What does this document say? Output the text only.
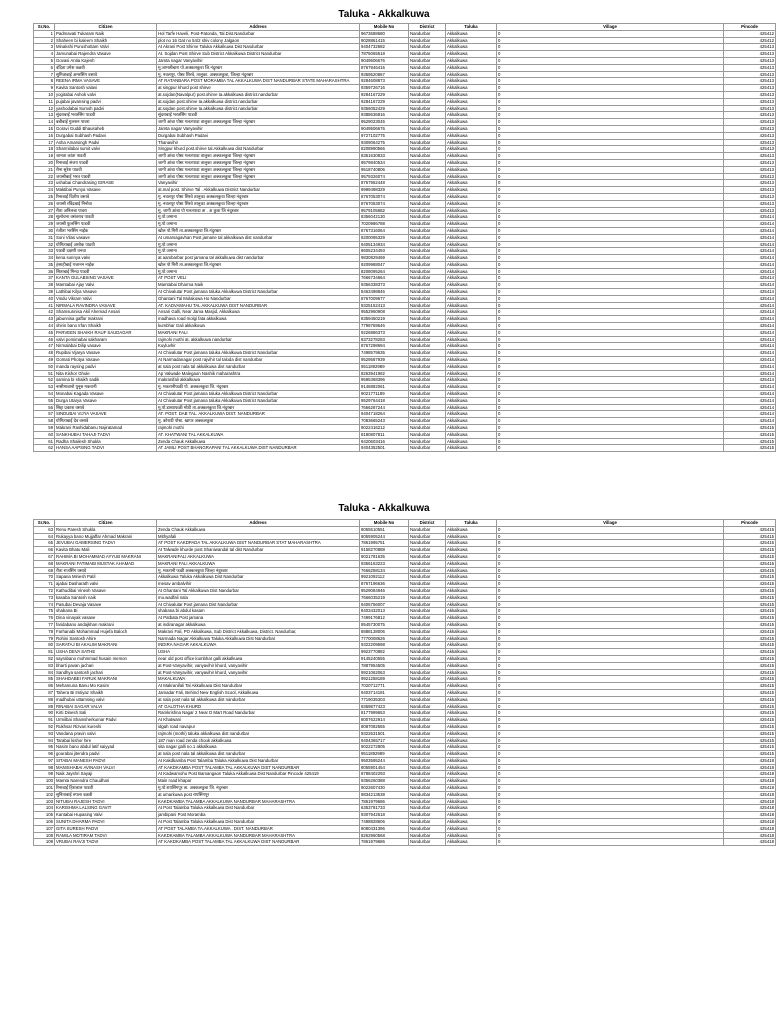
Taluka - Akkalkuwa
Sr.No.	Citizen	Address	Mobile No	District	Taluka	Village	Pincode
1	Padmavati Tukaram Naik	Hol Tarfe Haveli, Post-Patonda, Tal.Dist.Nandurbar	9673688680	Nandurbar	Akkalkuwa	0	425412
2	Shaheen bi kaleem Shaikh	plot no 16 Gat no 54/2 shiv colony Jalgaon	9028861415	Nandurbar	Akkalkuwa	0	425412
3	Minakshi Purushottam Valvi	At Akrani Post Shirve Taluka Akkalkuwa Dist Nandurbar	9404732682	Nandurbar	Akkalkuwa	0	425413
4	Jamunabai Rajendra Vasave	At. Sojdan Post Shirve Sub District Akkalkuwa District Nandurbar	7875065518	Nandurbar	Akkalkuwa	0	425413
5	Govasi Antia Kajesh	Jamta nagar Vanyavihir	9049506676	Nandurbar	Akkalkuwa	0	425413
6	वंदिता उमेश वळवी	मु.जामलीबारा पो.अक्कलकुवा जि.नंदुरबार	8767946415	Nandurbar	Akkalkuwa	0	425413
7	सुमित्राबाई अमरसिंग वसावे	मु. नवलपूर, पोस्ट शिरवे, तालुका. अक्कलकुवा, जिल्हा नंदुरबार	9359520867	Nandurbar	Akkalkuwa	0	425413
8	REENA IRMA VASAVE	AT RATANBARA POST MORAMBA TAL AKKALKUWA DIST NANDURBAR STATE MAHARASHTRA	9284608873	Nandurbar	Akkalkuwa	0	425413
9	Kavita Santosh valavi	at singpur khurd post shirve	9359726716	Nandurbar	Akkalkuwa	0	425413
10	yogitabai Ashok valvi	at.sojdan(Navalpur) post.shirve ta.akkalkuwa district.nandurbar	9284167229	Nandurbar	Akkalkuwa	0	425413
11	pujabai javansing padvi	at.sojdan post.shirve ta.akkalkuwa district.nandurbar	9284167229	Nandurbar	Akkalkuwa	0	425413
12	yashodabai Sumsh padvi	at.sojdan post.shirve ta.akkalkuwa district.nandurbar	9356052429	Nandurbar	Akkalkuwa	0	425413
13	सुंदराबाई भरतसिंग पाडवी	सुंदराबाई भरतसिंग पाडवी	9388636916	Nandurbar	Akkalkuwa	0	425413
14	बबीबाई गुलशन पावरा	जागी आंबा पोस्ट गलतपाडा तालुका अक्कलकुवा जिल्हा नंदुरबार	9529023045	Nandurbar	Akkalkuwa	0	425413
15	Goravi Guddi Bhausaheb	Jamta nagar Vanyavihir	9049506676	Nandurbar	Akkalkuwa	0	425413
16	Durgabai Subhash Padavi	Durgabai Subhash Padavi	9727102775	Nandurbar	Akkalkuwa	0	425413
17	Asha Amarsingh Padvi	Thanavihir	9309064275	Nandurbar	Akkalkuwa	0	425413
18	Sharmilabai sumit valvi	Singpur khurd post.shirve tal.Akkalkuwa dist Nandurbar	8208990566	Nandurbar	Akkalkuwa	0	425413
19	जानता कांता पाडवी	जागी आंबा पोस्ट गलतपाडा तालुका अक्कलकुवा जिल्हा नंदुरबार	8351630833	Nandurbar	Akkalkuwa	0	425413
20	रिनाबाई संजय पाडवी	जागी आंबा पोस्ट गलतपाडा तालुका अक्कलकुवा जिल्हा नंदुरबार	9579840534	Nandurbar	Akkalkuwa	0	425413
21	रीना सुरेश पाडवी	जागी आंबा पोस्ट गलतपाडा तालुका अक्कलकुवा जिल्हा नंदुरबार	9518740806	Nandurbar	Akkalkuwa	0	425413
22	जयश्रीबाई भरत पाडवी	जागी आंबा पोस्ट गलतपाडा तालुका अक्कलकुवा जिल्हा नंदुरबार	9579326074	Nandurbar	Akkalkuwa	0	425413
23	ushabai Chandrasing GIRASE	Vanyavihir	8767952448	Nandurbar	Akkalkuwa	0	425413
24	Maktibai Punya Vasave	at.mal post. Shirve Tal . Akkalkuwa District Nandurbar	8999498329	Nandurbar	Akkalkuwa	0	425413
25	रिनाबाई दिलीप वसावे	मु. नवलपूर पोस्ट शिरवे तालुका अक्कलकुवा जिल्हा नंदुरबार	8767053074	Nandurbar	Akkalkuwa	0	425413
26	जयश्री रविंद्रबाई निनोवा	मु. नवलपूर पोस्ट शिरवे तालुका अक्कलकुवा जिल्हा नंदुरबार	8767053074	Nandurbar	Akkalkuwa	0	425413
27	रीता अनिलबा पावरा	मु. जागी आंबा पो गलतपाडा ता . अ कुवा जि नंदुरबार	9579105682	Nandurbar	Akkalkuwa	0	425413
28	सुलोचना वसंतराव पाडवी	मु.पो.जमाना	8356042130	Nandurbar	Akkalkuwa	0	425414
29	जयश्री फुलसिंग पाडवी	मु.पो.जमाना	7020986788	Nandurbar	Akkalkuwa	0	425414
30	रंजीता भरसिंग नाईक	खोल पो.मिरी ता.अक्कलकुवा जि.नंदुरबार	8767316064	Nandurbar	Akkalkuwa	0	425414
31	Soni Vilas vasave	At umarsagavhan Post jamane tal akkalkuwa dist nandurbar	8200095329	Nandurbar	Akkalkuwa	0	425414
32	योगिताबाई अशोक पाडवी	मु.पो.जमाना	9405134934	Nandurbar	Akkalkuwa	0	425414
33	पाडवी दक्षणी वनचा	मु.पो.जमाना	8605234493	Nandurbar	Akkalkuwa	0	425414
34	kena sunnya valvi	at aambarbar post jamana tal akkalkuwa dist nandurbar	9830829469	Nandurbar	Akkalkuwa	0	425414
35	हंसाहीबाई गजानन नाईक	खोल पो मिरी ता.अक्कलकुवा जि.नंदुरबार	9209988047	Nandurbar	Akkalkuwa	0	425414
36	सिताबाई मिन्दा पाडवी	मु.पो.जमाना	8208095264	Nandurbar	Akkalkuwa	0	425414
37	KANTA GULABSING VASAVE	AT POST VELI	7666734664	Nandurbar	Akkalkuwa	0	425414
38	Mamtabai Ajay Valvi	Mamtabai Dharma Naik	9356338373	Nandurbar	Akkalkuwa	0	425414
39	Lathibai Kilya Vasave	At Chivalutar Post jamana taluka Akkalkuwa District Nandurbar	8463498846	Nandurbar	Akkalkuwa	0	425414
40	Vindu Vikram Valvi	Ghantani Tal Molakuwa Ho Nandurbar	8767009677	Nandurbar	Akkalkuwa	0	425414
41	NIRMALA RAVINDRA VASAVE	AT. KADVAMAHU TAL AKKALKUWA DIST NANDURBAR	9325152413	Nandurbar	Akkalkuwa	0	425414
42	Shamsunnisa Akil Ahemad Ansari	Ansari Galli, Near Jama Masjid, Akkalkuwa	9552960908	Nandurbar	Akkalkuwa	0	425414
43	jabunnisa gaffar makrani	madhava road molgi fata akkalkuwa	8359450219	Nandurbar	Akkalkuwa	0	425414
44	shirin bano Irfan Shaikh	kumbhar Gali akkalkuwa	7798769646	Nandurbar	Akkalkuwa	0	425414
45	PARVEEN SHAIKH RAUF SAUDAGAR	MAKRANI FALI	9226886373	Nandurbar	Akkalkuwa	0	425414
46	valvi pomimabai sakharam	rajmohi mothi at. akkalkuwa nandurbar	8373278283	Nandurbar	Akkalkuwa	0	425414
47	Nirmalabai Dilip vasave	Kuyluvhir	8767298694	Nandurbar	Akkalkuwa	0	425414
48	Rupibai Vijarya Vasave	At Chivalutar Post jamana taluka Akkalkuwa District Nandurbar	7498579635	Nandurbar	Akkalkuwa	0	425414
49	Gomati Photya Vasave	At Narmadanagar post rajvihir tal taloda dist nandurbar	9529587939	Nandurbar	Akkalkuwa	0	425414
50	manda raysing padvi	at nala post nala tal akkalkuwa dist nandurbar	9511892989	Nandurbar	Akkalkuwa	0	425414
51	Nita Kishor Ghule	Ap Valwade Malegaon Nashik maharashtra	8263941982	Nandurbar	Akkalkuwa	0	425414
52	samina bi shaikh sadik	makranifali akkalkuwa	9595368396	Nandurbar	Akkalkuwa	0	425414
53	नासीमाबानो युनूस मकरानी	मु. मकरानीफळी पो. अक्कलकुवा जि. नंदुरबार	9146882061	Nandurbar	Akkalkuwa	0	425414
54	Monabai Kagada Vasave	At Chivalutar Post jamana taluka Akkalkuwa District Nandurbar	9021771189	Nandurbar	Akkalkuwa	0	425414
55	Durga Utarya Vasave	At Chivalutar Post jamana taluka Akkalkuwa District Nandurbar	9529764418	Nandurbar	Akkalkuwa	0	425414
56	सिद्दा प्रकाश वसावे	मु.पो.डाब्याफळी मोठी ता.अक्कलकुवा जि.नंदुरबार	7666287244	Nandurbar	Akkalkuwa	0	425414
57	SINDUBAI VIJYA VASAVE	AT. POST. DAB TAL. AKKALKUWA DIST. NANDURBAR	9404718264	Nandurbar	Akkalkuwa	0	425414
58	योगिताबाई देव वसावे	मु. कोराडी पोस्ट. खापर अक्कलकुवा	7083665243	Nandurbar	Akkalkuwa	0	425414
59	Makrani Rashidabanu Najiratamad	rajmohi mothi	9022416212	Nandurbar	Akkalkuwa	0	425415
60	SANKHUBAI TAHAJI TADVI	AT. KHATWANI TAL AKKALKUWA	8180807811	Nandurbar	Akkalkuwa	0	425415
61	Radha Shailesh Shukla	Zenda Chauk Akkalkuwa	9420603416	Nandurbar	Akkalkuwa	0	425415
62	HANSA AAPSING TADVI	AT JAMLI POST BHANGRAPANI TAL AKKALKUWA DIST NANDURBAR	9404352501	Nandurbar	Akkalkuwa	0	425415
Taluka - Akkalkuwa
Sr.No.	Citizen	Address	Mobile No	District	Taluka	Village	Pincode
63	Renu Paresh Shukla	Zenda Chauk Akkalkuwa	8055510551	Nandurbar	Akkalkuwa	0	425415
64	Rukayya bano Mujjaffar Ahmad Makrani	Mithyafali	8055905244	Nandurbar	Akkalkuwa	0	425415
65	JEVUBAI GAMERSING TADVI	AT POST KAKDPADA TAL AKKALKUWA DIST NANDURBAR STAT MAHARASHTRA	7861995751	Nandurbar	Akkalkuwa	0	425415
66	Kavita Bhatu Mali	At Talwade khurde post Shaniwandal tal dist Nandurbar	9158270888	Nandurbar	Akkalkuwa	0	425415
67	RAHIMA BI MOHAMMAD AYYUB MAKRANI	MAKRANIFALI AKKALKUWA	9021781635	Nandurbar	Akkalkuwa	0	425415
68	MAKRANI FATIMABI MUSTAK AHAMAD	MAKRANI FALI AKKALKUWA	9356163223	Nandurbar	Akkalkuwa	0	425415
69	रीता राजसिंग वसावे	मु. मकरानी फळी अक्कलकुवा जिल्हा नंदुरबार	7666258134	Nandurbar	Akkalkuwa	0	425415
70	Sapana Minesh Patil	Akkalkuwa Taluka Akkalkuwa Dist Nandurbar	9921092112	Nandurbar	Akkalkuwa	0	425415
71	ajabai Dasharath valvi	mesav ambalvihir	8767196636	Nandurbar	Akkalkuwa	0	425415
72	Kathudibai Vinesh Vasave	At Ghantani Tal Akkalkuwa Dist Nandurbar	9529084946	Nandurbar	Akkalkuwa	0	425415
73	kasaba Santosh naik	mu.wadfali nala	7666035219	Nandurbar	Akkalkuwa	0	425415
74	Pasubai Devaja Vasave	At Chivalutar Post jamana Dist Nandurbar	9405756007	Nandurbar	Akkalkuwa	0	425415
75	shabana Bi	shabana bi abdul kasam	8403432013	Nandurbar	Akkalkuwa	0	425415
76	Dina vinayak vasave	At Patbata Post jamana	7499176812	Nandurbar	Akkalkuwa	0	425415
77	faridabano andajkhan makrani	at indiranagar akkalkuwa	9545730075	Nandurbar	Akkalkuwa	0	425415
78	Farhanabi Mohammad Hujefa Baloch	Makrani Fali, PO Akkalkuwa, Sub District Akkalkuwa, District. Nandurbar,	8888138006	Nandurbar	Akkalkuwa	0	425415
79	Rohini Santosh Ahire	Narmada Nagar Akkalkuwa Taluka Akkalkuwa Dist Nandurbar	7770008626	Nandurbar	Akkalkuwa	0	425415
80	SARATAJ BI AKALIM MAKRANI	INDIRA NAGAR AKKALKUWA	9322209598	Nandurbar	Akkalkuwa	0	425415
81	USHA DEVA SATHE	USHA	9923770882	Nandurbar	Akkalkuwa	0	425415
82	sayrabano mohmmad husain memon	near old post office kumbhar galli akkalkuwa	9145240555	Nandurbar	Akkalkuwa	0	425415
83	bharti pavan jachari	at Post-Vanyavihir, vanyavihir khurd, vanyavihir	7887954505	Nandurbar	Akkalkuwa	0	425415
84	Sandhya santosh jachari	at Post-Vanyavihir, vanyavihir khurd, vanyavihir	9921062063	Nandurbar	Akkalkuwa	0	425415
85	SHAHDABEI FARUK MAKRANI	MAKALKUWA	9921258189	Nandurbar	Akkalkuwa	0	425415
86	Mehamuna Banu Mo Kasim	At Makranifali Tal Akkalkuwa Dist Nandurbar	7020712771	Nandurbar	Akkalkuwa	0	425415
87	Tahera Bi Imtiyaz Shaikh	Jamadar Fali, Behind New English Scool, Akkalkuwa	9403714181	Nandurbar	Akkalkuwa	0	425415
88	madhubai uttamsing valvi	at nala post nala tal akkalkuwa dist nandurbar	7719035303	Nandurbar	Akkalkuwa	0	425415
89	RINABAI SAGAR VALVI	AT GALOTHA KHURD	9359877423	Nandurbar	Akkalkuwa	0	425415
90	Kirti Dinesh Sali	Ramkrishna Nagar 2 Near D Mart Road Nandurbar	8177999653	Nandurbar	Akkalkuwa	0	425415
91	Urmilbai Shamsherkumar Padvi	At Khatwani	8007622914	Nandurbar	Akkalkuwa	0	425415
92	Rukhsar Rizvan kureshi	idgah road navapur	8087082555	Nandurbar	Akkalkuwa	0	425415
93	Vandana pravin valvi	rajmohi (mothi) taluka akkalkuwa dist nandurbar	9322631501	Nandurbar	Akkalkuwa	0	425415
94	Tarabai kishor hire	187 man road zenda chouk akkalkuwa	9404365717	Nandurbar	Akkalkuwa	0	425415
95	Nasim bano abdul latif saiyyad	sita nagar galli no.1 akkalkuwa	9022272905	Nandurbar	Akkalkuwa	0	425415
96	gourabai jitendra padvi	at nala post nala tal akkalkuwa dist nandurbar	9511892989	Nandurbar	Akkalkuwa	0	425415
97	SITABAI MANESH PADVI	At Kakdkamba Post Talamba Taluka Akkalkuwa Dist Nandurbar	9503595244	Nandurbar	Akkalkuwa	0	425418
98	MANISHABAI AVINASH VALVI	AT KAKDKAMBA POST TALAMBA TAL AKKALKUWA DIST NANDURBAR	8055901454	Nandurbar	Akkalkuwa	0	425418
99	Naik Jayshri Sayaji	At Kadwamohu Post Bamangaon Taluka Akkalkuwa Dist Nandurbar Pincode 425419	8788402293	Nandurbar	Akkalkuwa	0	425418
100	Mamta Narendra Chaudhari	Main road khapar	9356260388	Nandurbar	Akkalkuwa	0	425418
101	रिनाबाई हिरालाल पाडवी	मु.पो.रायसिंगपूर ता. अक्कलकुवा जि. नंदुरबार	9022607430	Nandurbar	Akkalkuwa	0	425418
102	सुनिताबाई रुपला वळवी	at umarkuwa post रायसिंगपूर	9834213538	Nandurbar	Akkalkuwa	0	425418
103	NITUBAI RAJESH TADVI	KAKDKAMBA TALAMBA AKKALKUWA NANDURBAR MAHARASHTRA	7861979686	Nandurbar	Akkalkuwa	0	425418
104	KARISHMA LALSING GAVIT	At Post Talamba Taluka Akkalkuwa Dist Nandurbar	6353781733	Nandurbar	Akkalkuwa	0	425418
105	Kantabai Hupasing Valvi	jambipani Post Moramba	9307942518	Nandurbar	Akkalkuwa	0	425418
106	SUNITA DHARMA PADVI	At Post Talamba Taluka Akkalkuwa Dist Nandurbar	7498828606	Nandurbar	Akkalkuwa	0	425418
107	GITA SURESH PADVI	AT POST TALAMBA TA.AKKALKUWA . DIST. NANDURBAR	8080431396	Nandurbar	Akkalkuwa	0	425418
108	RAMILA MOTIRAM TADVI	KAKDKAMBA TALAMBA AKKALKUWA NANDURBAR MAHARASHTRA	8262960568	Nandurbar	Akkalkuwa	0	425418
109	VRUBAI RAVJI TADVI	AT KAKDKAMBA POST TALAMBA TAL AKKALKUWA DIST NANDURBAR	7861979686	Nandurbar	Akkalkuwa	0	425418
